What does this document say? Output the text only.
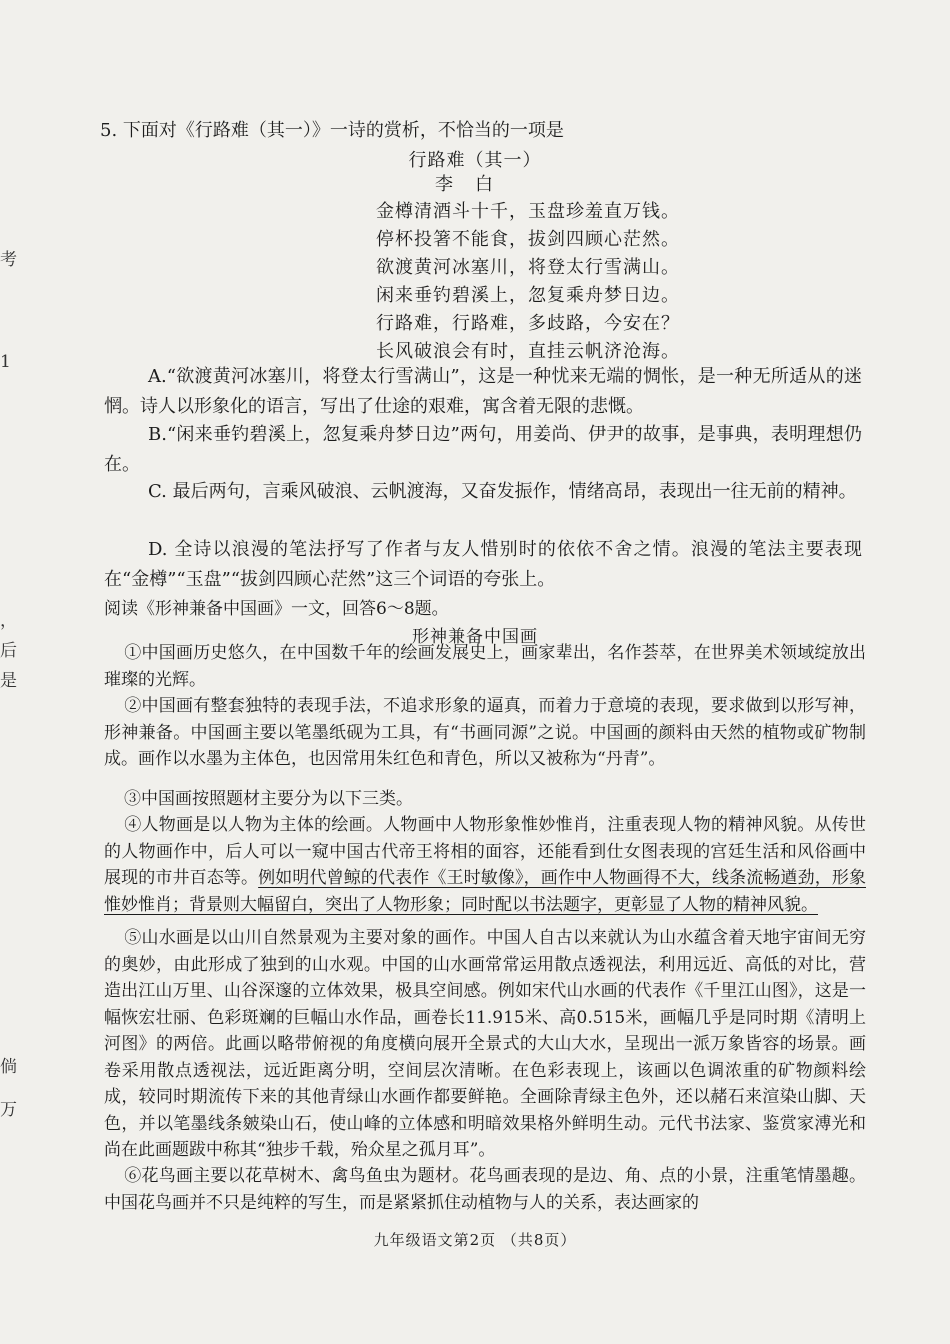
考
1
，
后
是
倘
万
5. 下面对《行路难（其一）》一诗的赏析，不恰当的一项是
行路难（其一）
李白
金樽清酒斗十千，玉盘珍羞直万钱。
停杯投箸不能食，拔剑四顾心茫然。
欲渡黄河冰塞川，将登太行雪满山。
闲来垂钓碧溪上，忽复乘舟梦日边。
行路难，行路难，多歧路，今安在？
长风破浪会有时，直挂云帆济沧海。
A.“欲渡黄河冰塞川，将登太行雪满山”，这是一种忧来无端的惆怅，是一种无所适从的迷惘。诗人以形象化的语言，写出了仕途的艰难，寓含着无限的悲慨。
B.“闲来垂钓碧溪上，忽复乘舟梦日边”两句，用姜尚、伊尹的故事，是事典，表明理想仍在。
C. 最后两句，言乘风破浪、云帆渡海，又奋发振作，情绪高昂，表现出一往无前的精神。
D. 全诗以浪漫的笔法抒写了作者与友人惜别时的依依不舍之情。浪漫的笔法主要表现在“金樽”“玉盘”“拔剑四顾心茫然”这三个词语的夸张上。
阅读《形神兼备中国画》一文，回答6～8题。
形神兼备中国画
①中国画历史悠久，在中国数千年的绘画发展史上，画家辈出，名作荟萃，在世界美术领域绽放出璀璨的光辉。
②中国画有整套独特的表现手法，不追求形象的逼真，而着力于意境的表现，要求做到以形写神，形神兼备。中国画主要以笔墨纸砚为工具，有“书画同源”之说。中国画的颜料由天然的植物或矿物制成。画作以水墨为主体色，也因常用朱红色和青色，所以又被称为“丹青”。
③中国画按照题材主要分为以下三类。
④人物画是以人物为主体的绘画。人物画中人物形象惟妙惟肖，注重表现人物的精神风貌。从传世的人物画作中，后人可以一窥中国古代帝王将相的面容，还能看到仕女图表现的宫廷生活和风俗画中展现的市井百态等。例如明代曾鲸的代表作《王时敏像》，画作中人物画得不大，线条流畅遒劲，形象惟妙惟肖；背景则大幅留白，突出了人物形象；同时配以书法题字，更彰显了人物的精神风貌。
⑤山水画是以山川自然景观为主要对象的画作。中国人自古以来就认为山水蕴含着天地宇宙间无穷的奥妙，由此形成了独到的山水观。中国的山水画常常运用散点透视法，利用远近、高低的对比，营造出江山万里、山谷深邃的立体效果，极具空间感。例如宋代山水画的代表作《千里江山图》，这是一幅恢宏壮丽、色彩斑斓的巨幅山水作品，画卷长11.915米、高0.515米，画幅几乎是同时期《清明上河图》的两倍。此画以略带俯视的角度横向展开全景式的大山大水，呈现出一派万象皆容的场景。画卷采用散点透视法，远近距离分明，空间层次清晰。在色彩表现上，该画以色调浓重的矿物颜料绘成，较同时期流传下来的其他青绿山水画作都要鲜艳。全画除青绿主色外，还以赭石来渲染山脚、天色，并以笔墨线条皴染山石，使山峰的立体感和明暗效果格外鲜明生动。元代书法家、鉴赏家溥光和尚在此画题跋中称其“独步千载，殆众星之孤月耳”。
⑥花鸟画主要以花草树木、禽鸟鱼虫为题材。花鸟画表现的是边、角、点的小景，注重笔情墨趣。中国花鸟画并不只是纯粹的写生，而是紧紧抓住动植物与人的关系，表达画家的
九年级语文第2页 （共8页）
